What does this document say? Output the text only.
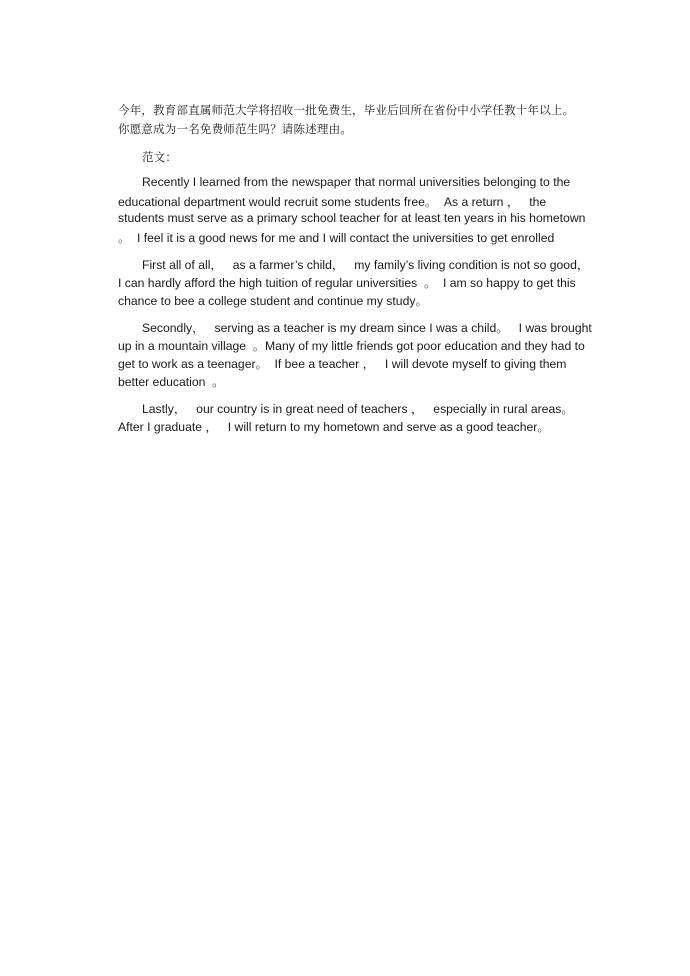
今年，教育部直属师范大学将招收一批免费生，毕业后回所在省份中小学任教十年以上。
你愿意成为一名免费师范生吗？请陈述理由。
范文：
Recently I learned from the newspaper that normal universities belonging to the
educational department would recruit some students free。  As a return ，   the
students must serve as a primary school teacher for at least ten years in his hometown
。  I feel it is a good news for me and I will contact the universities to get enrolled
First all of all，   as a farmer’s child，   my family’s living condition is not so good，
I can hardly afford the high tuition of regular universities  。  I am so happy to get this
chance to bee a college student and continue my study。
Secondly，   serving as a teacher is my dream since I was a child。   I was brought
up in a mountain village  。Many of my little friends got poor education and they had to
get to work as a teenager。  If bee a teacher ，   I will devote myself to giving them
better education  。
Lastly，   our country is in great need of teachers ，   especially in rural areas。
After I graduate ，   I will return to my hometown and serve as a good teacher。
